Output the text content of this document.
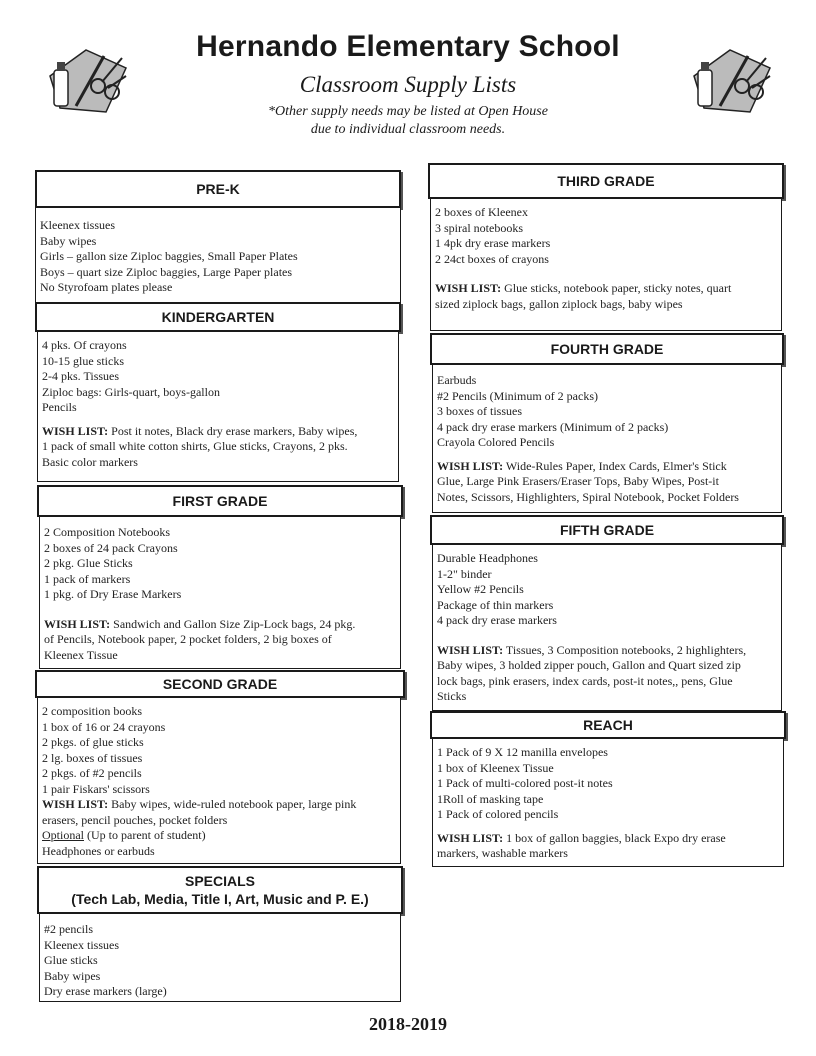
Hernando Elementary School
Classroom Supply Lists
*Other supply needs may be listed at Open House
due to individual classroom needs.
PRE-K
Kleenex tissues
Baby wipes
Girls – gallon size Ziploc baggies, Small Paper Plates
Boys – quart size Ziploc baggies, Large Paper plates
No Styrofoam plates please
KINDERGARTEN
4 pks. Of crayons
10-15 glue sticks
2-4 pks. Tissues
Ziploc bags: Girls-quart, boys-gallon
Pencils
WISH LIST: Post it notes, Black dry erase markers, Baby wipes,
1 pack of small white cotton shirts, Glue sticks, Crayons, 2 pks.
Basic color markers
FIRST GRADE
2 Composition Notebooks
2 boxes of 24 pack Crayons
2 pkg. Glue Sticks
1 pack of markers
1 pkg. of Dry Erase Markers
WISH LIST: Sandwich and Gallon Size Zip-Lock bags, 24 pkg.
of Pencils, Notebook paper, 2 pocket folders, 2 big boxes of
Kleenex Tissue
SECOND GRADE
2 composition books
1 box of 16 or 24 crayons
2 pkgs. of glue sticks
2 lg. boxes of tissues
2 pkgs. of #2 pencils
1 pair Fiskars' scissors
WISH LIST: Baby wipes, wide-ruled notebook paper, large pink
erasers, pencil pouches, pocket folders
Optional (Up to parent of student)
Headphones or earbuds
SPECIALS
(Tech Lab, Media, Title I, Art, Music and P. E.)
#2 pencils
Kleenex tissues
Glue sticks
Baby wipes
Dry erase markers (large)
THIRD GRADE
2 boxes of Kleenex
3 spiral notebooks
1 4pk dry erase markers
2 24ct boxes of crayons
WISH LIST: Glue sticks, notebook paper, sticky notes, quart
sized ziplock bags, gallon ziplock bags, baby wipes
FOURTH GRADE
Earbuds
#2 Pencils (Minimum of 2 packs)
3 boxes of tissues
4 pack dry erase markers (Minimum of 2 packs)
Crayola Colored Pencils
WISH LIST: Wide-Rules Paper, Index Cards, Elmer's Stick
Glue, Large Pink Erasers/Eraser Tops, Baby Wipes, Post-it
Notes, Scissors, Highlighters, Spiral Notebook, Pocket Folders
FIFTH GRADE
Durable Headphones
1-2" binder
Yellow #2 Pencils
Package of thin markers
4 pack dry erase markers
WISH LIST: Tissues, 3 Composition notebooks, 2 highlighters,
Baby wipes, 3 holded zipper pouch, Gallon and Quart sized zip
lock bags, pink erasers, index cards, post-it notes,, pens, Glue
Sticks
REACH
1 Pack of 9 X 12 manilla envelopes
1 box of Kleenex Tissue
1 Pack of multi-colored post-it notes
1Roll of masking tape
1 Pack of colored pencils
WISH LIST: 1 box of gallon baggies, black Expo dry erase
markers, washable markers
2018-2019
